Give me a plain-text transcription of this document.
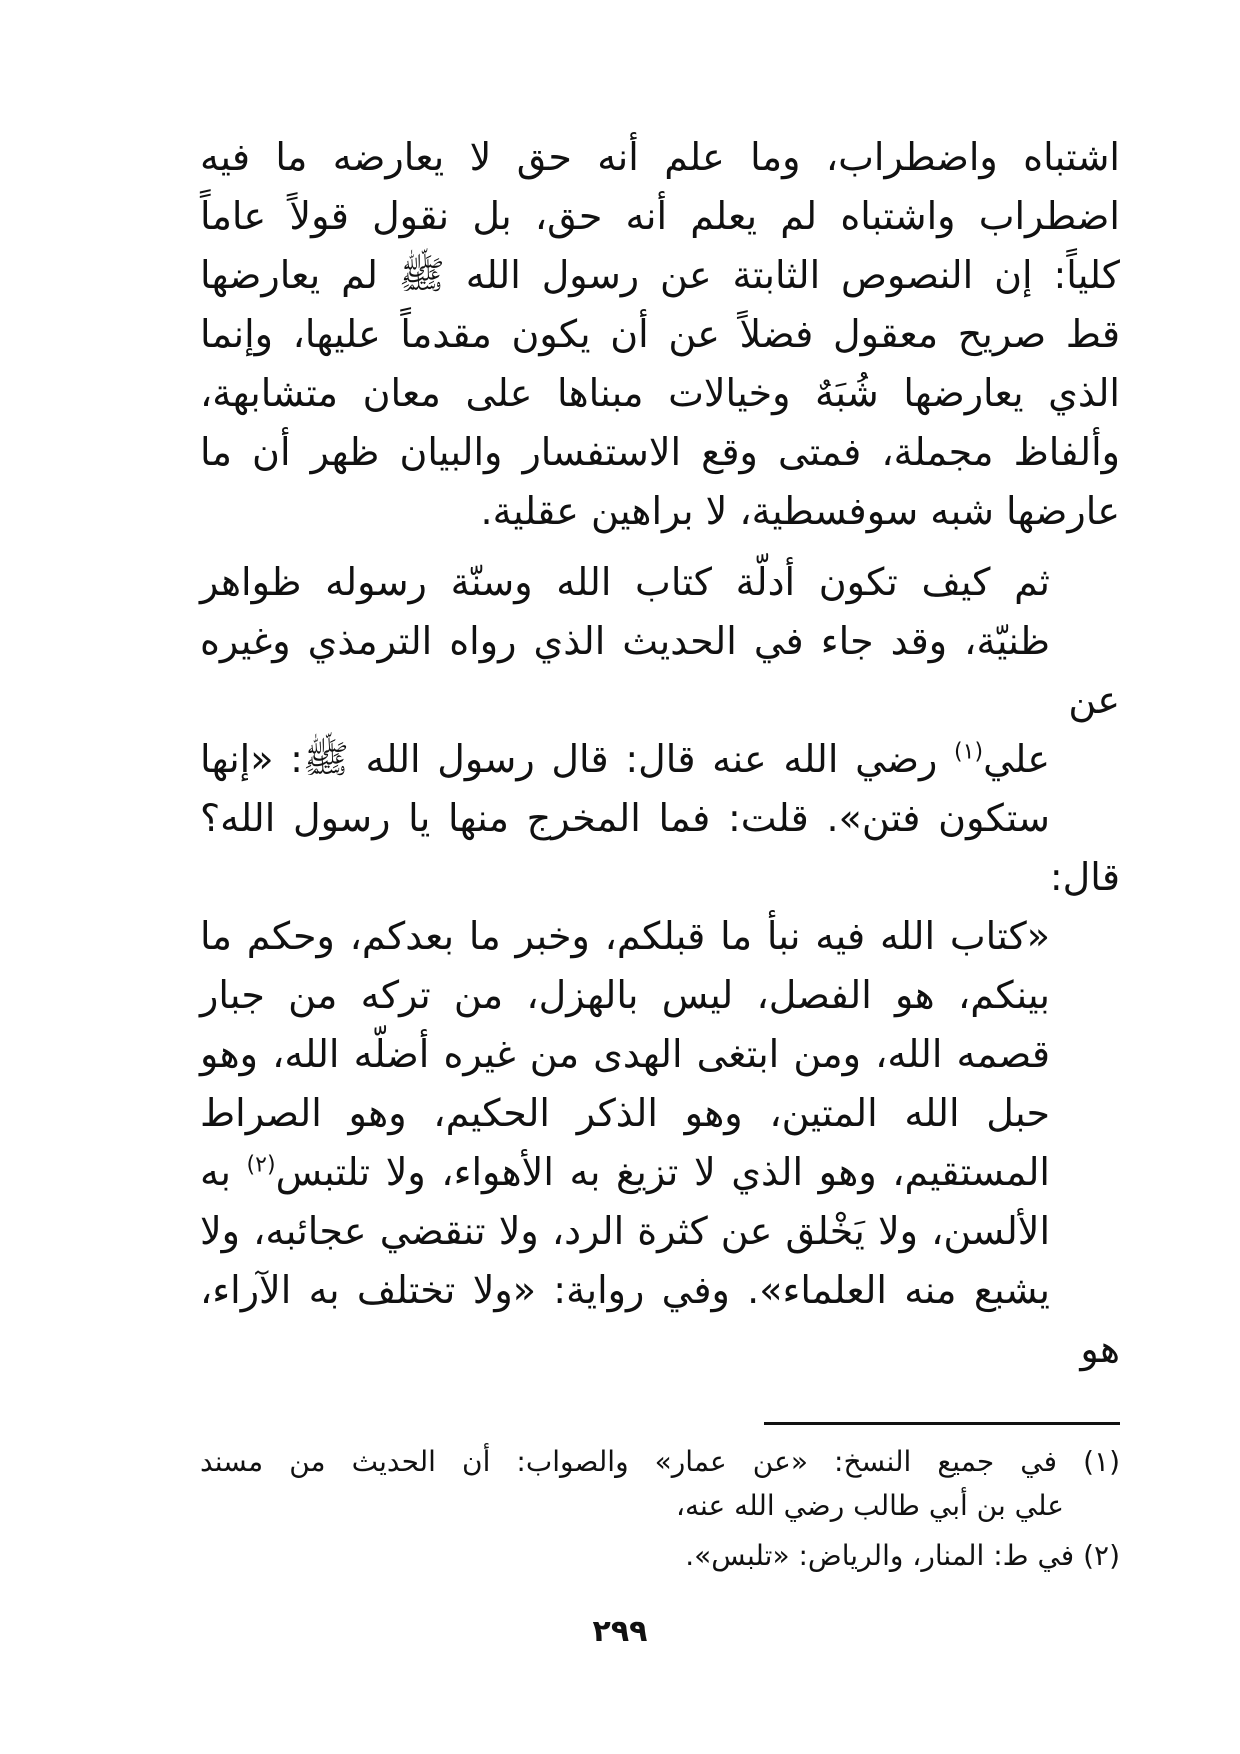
اشتباه واضطراب، وما علم أنه حق لا يعارضه ما فيه
اضطراب واشتباه لم يعلم أنه حق، بل نقول قولاً عاماً
كلياً: إن النصوص الثابتة عن رسول الله ﷺ لم يعارضها
قط صريح معقول فضلاً عن أن يكون مقدماً عليها، وإنما
الذي يعارضها شُبَهٌ وخيالات مبناها على معان متشابهة،
وألفاظ مجملة، فمتى وقع الاستفسار والبيان ظهر أن ما
عارضها شبه سوفسطية، لا براهين عقلية.

ثم كيف تكون أدلّة كتاب الله وسنّة رسوله ظواهر
ظنيّة، وقد جاء في الحديث الذي رواه الترمذي وغيره عن
علي$^{(١)}$ رضي الله عنه قال: قال رسول الله ﷺ: «إنها
ستكون فتن». قلت: فما المخرج منها يا رسول الله؟ قال:
«كتاب الله فيه نبأ ما قبلكم، وخبر ما بعدكم، وحكم ما
بينكم، هو الفصل، ليس بالهزل، من تركه من جبار
قصمه الله، ومن ابتغى الهدى من غيره أضلّه الله، وهو
حبل الله المتين، وهو الذكر الحكيم، وهو الصراط
المستقيم، وهو الذي لا تزيغ به الأهواء، ولا تلتبس$^{(٢)}$ به
الألسن، ولا يَخْلق عن كثرة الرد، ولا تنقضي عجائبه، ولا
يشبع منه العلماء». وفي رواية: «ولا تختلف به الآراء، هو

(١) في جميع النسخ: «عن عمار» والصواب: أن الحديث من مسند
علي بن أبي طالب رضي الله عنه،
(٢) في ط: المنار، والرياض: «تلبس».
٢٩٩
